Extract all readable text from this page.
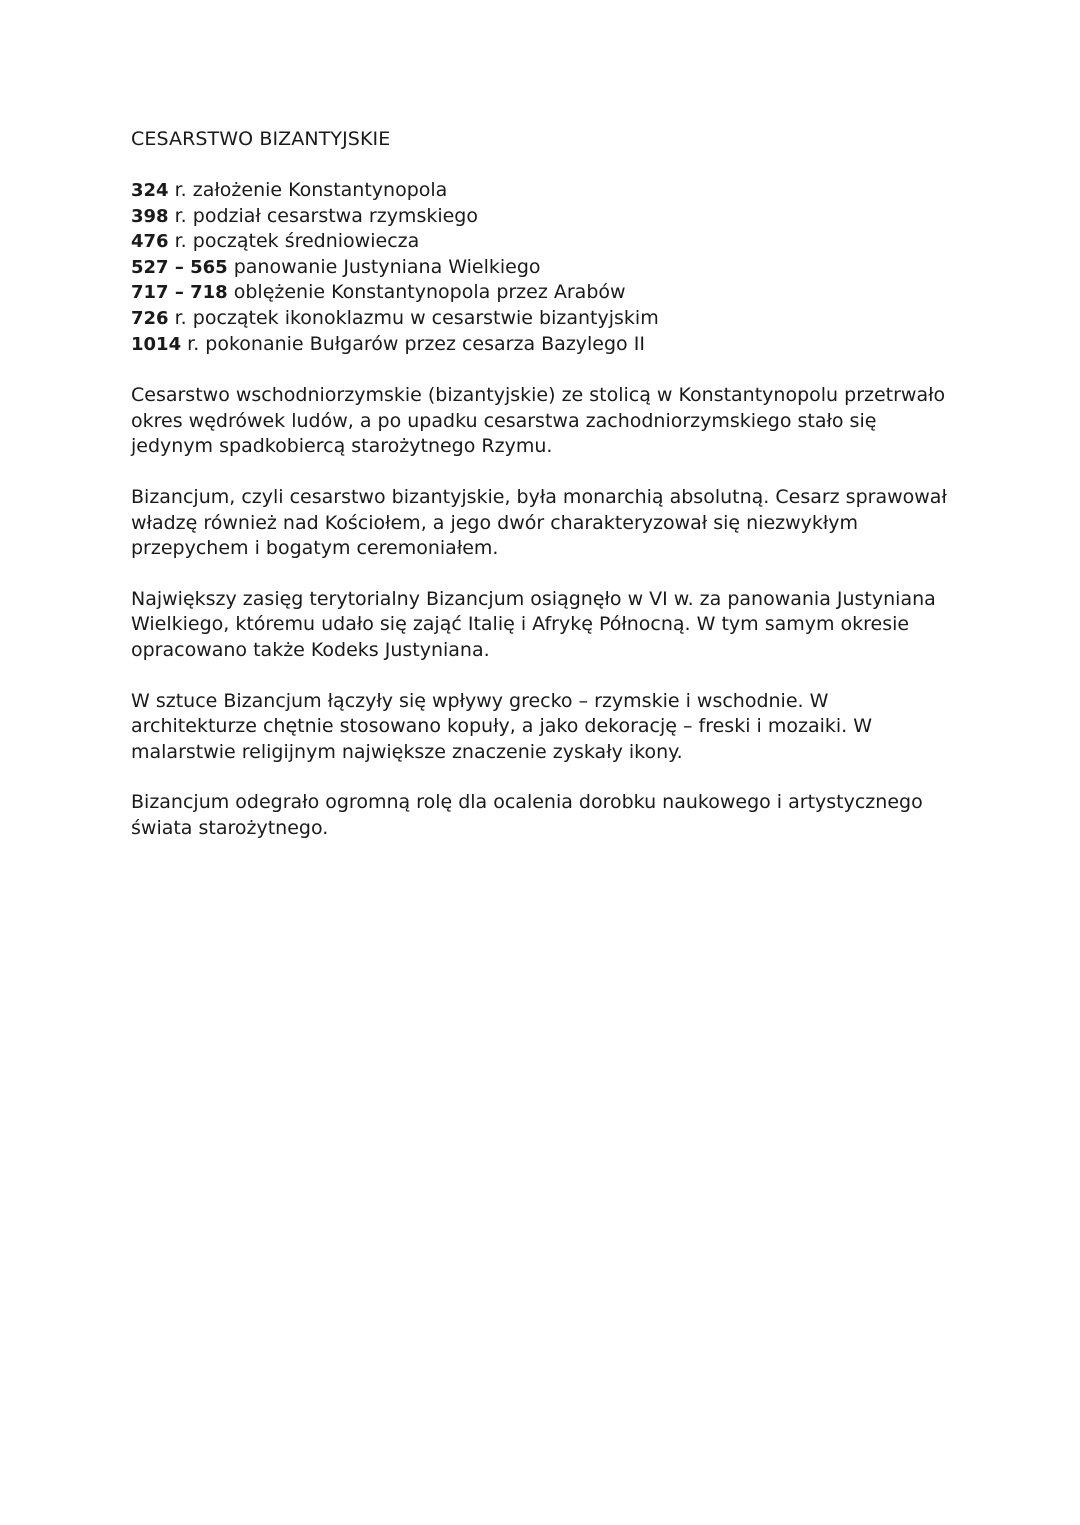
CESARSTWO BIZANTYJSKIE
324 r. założenie Konstantynopola
398 r. podział cesarstwa rzymskiego
476 r. początek średniowiecza
527 – 565 panowanie Justyniana Wielkiego
717 – 718 oblężenie Konstantynopola przez Arabów
726 r. początek ikonoklazmu w cesarstwie bizantyjskim
1014 r. pokonanie Bułgarów przez cesarza Bazylego II

Cesarstwo wschodniorzymskie (bizantyjskie) ze stolicą w Konstantynopolu przetrwało okres wędrówek ludów, a po upadku cesarstwa zachodniorzymskiego stało się jedynym spadkobiercą starożytnego Rzymu.

Bizancjum, czyli cesarstwo bizantyjskie, była monarchią absolutną. Cesarz sprawował władzę również nad Kościołem, a jego dwór charakteryzował się niezwykłym przepychem i bogatym ceremoniałem.

Największy zasięg terytorialny Bizancjum osiągnęło w VI w. za panowania Justyniana Wielkiego, któremu udało się zająć Italię i Afrykę Północną. W tym samym okresie opracowano także Kodeks Justyniana.

W sztuce Bizancjum łączyły się wpływy grecko – rzymskie i wschodnie. W architekturze chętnie stosowano kopuły, a jako dekorację – freski i mozaiki. W malarstwie religijnym największe znaczenie zyskały ikony.

Bizancjum odegrało ogromną rolę dla ocalenia dorobku naukowego i artystycznego świata starożytnego.
